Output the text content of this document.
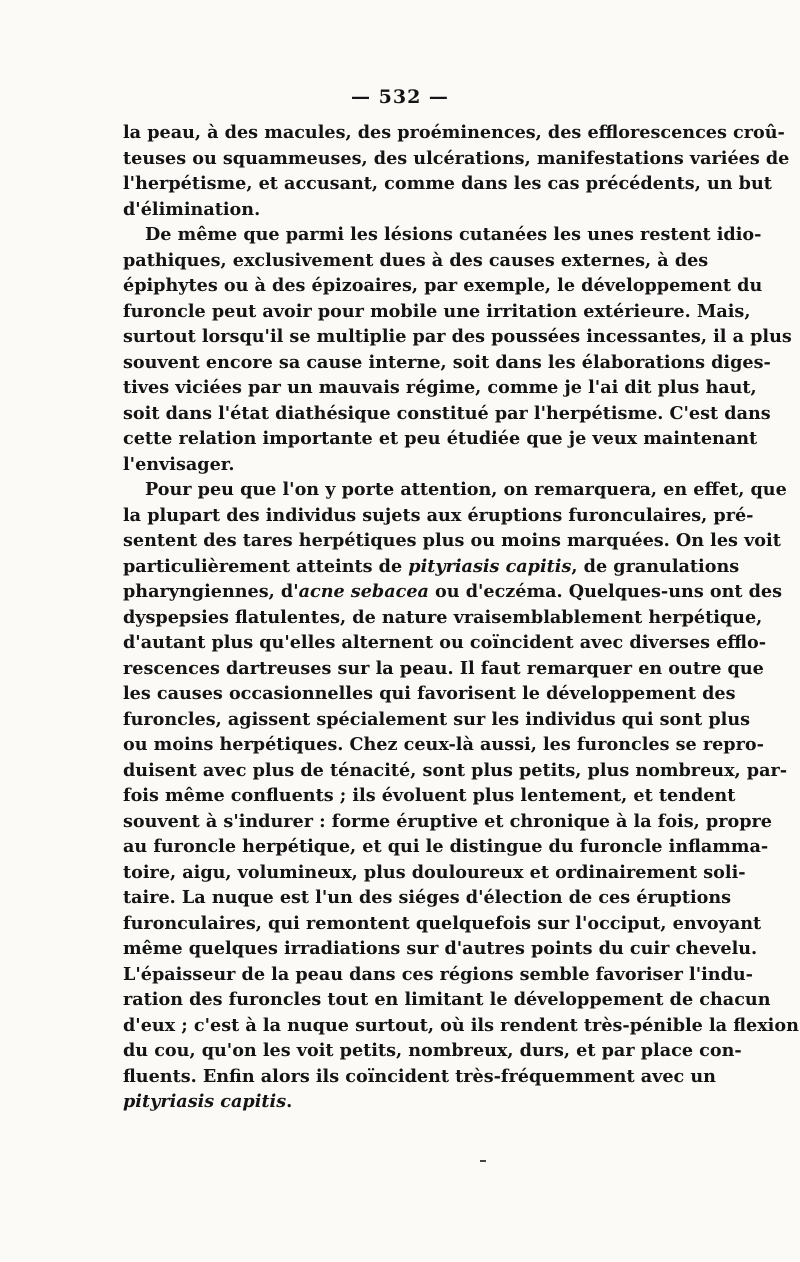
— 532 —
la peau, à des macules, des proéminences, des efflorescences croû-
teuses ou squammeuses, des ulcérations, manifestations variées de
l'herpétisme, et accusant, comme dans les cas précédents, un but
d'élimination.
De même que parmi les lésions cutanées les unes restent idio-
pathiques, exclusivement dues à des causes externes, à des
épiphytes ou à des épizoaires, par exemple, le développement du
furoncle peut avoir pour mobile une irritation extérieure. Mais,
surtout lorsqu'il se multiplie par des poussées incessantes, il a plus
souvent encore sa cause interne, soit dans les élaborations diges-
tives viciées par un mauvais régime, comme je l'ai dit plus haut,
soit dans l'état diathésique constitué par l'herpétisme. C'est dans
cette relation importante et peu étudiée que je veux maintenant
l'envisager.
Pour peu que l'on y porte attention, on remarquera, en effet, que
la plupart des individus sujets aux éruptions furonculaires, pré-
sentent des tares herpétiques plus ou moins marquées. On les voit
particulièrement atteints de pityriasis capitis, de granulations
pharyngiennes, d'acne sebacea ou d'eczéma. Quelques-uns ont des
dyspepsies flatulentes, de nature vraisemblablement herpétique,
d'autant plus qu'elles alternent ou coïncident avec diverses efflo-
rescences dartreuses sur la peau. Il faut remarquer en outre que
les causes occasionnelles qui favorisent le développement des
furoncles, agissent spécialement sur les individus qui sont plus
ou moins herpétiques. Chez ceux-là aussi, les furoncles se repro-
duisent avec plus de ténacité, sont plus petits, plus nombreux, par-
fois même confluents ; ils évoluent plus lentement, et tendent
souvent à s'indurer : forme éruptive et chronique à la fois, propre
au furoncle herpétique, et qui le distingue du furoncle inflamma-
toire, aigu, volumineux, plus douloureux et ordinairement soli-
taire. La nuque est l'un des siéges d'élection de ces éruptions
furonculaires, qui remontent quelquefois sur l'occiput, envoyant
même quelques irradiations sur d'autres points du cuir chevelu.
L'épaisseur de la peau dans ces régions semble favoriser l'indu-
ration des furoncles tout en limitant le développement de chacun
d'eux ; c'est à la nuque surtout, où ils rendent très-pénible la flexion
du cou, qu'on les voit petits, nombreux, durs, et par place con-
fluents. Enfin alors ils coïncident très-fréquemment avec un
pityriasis capitis.
